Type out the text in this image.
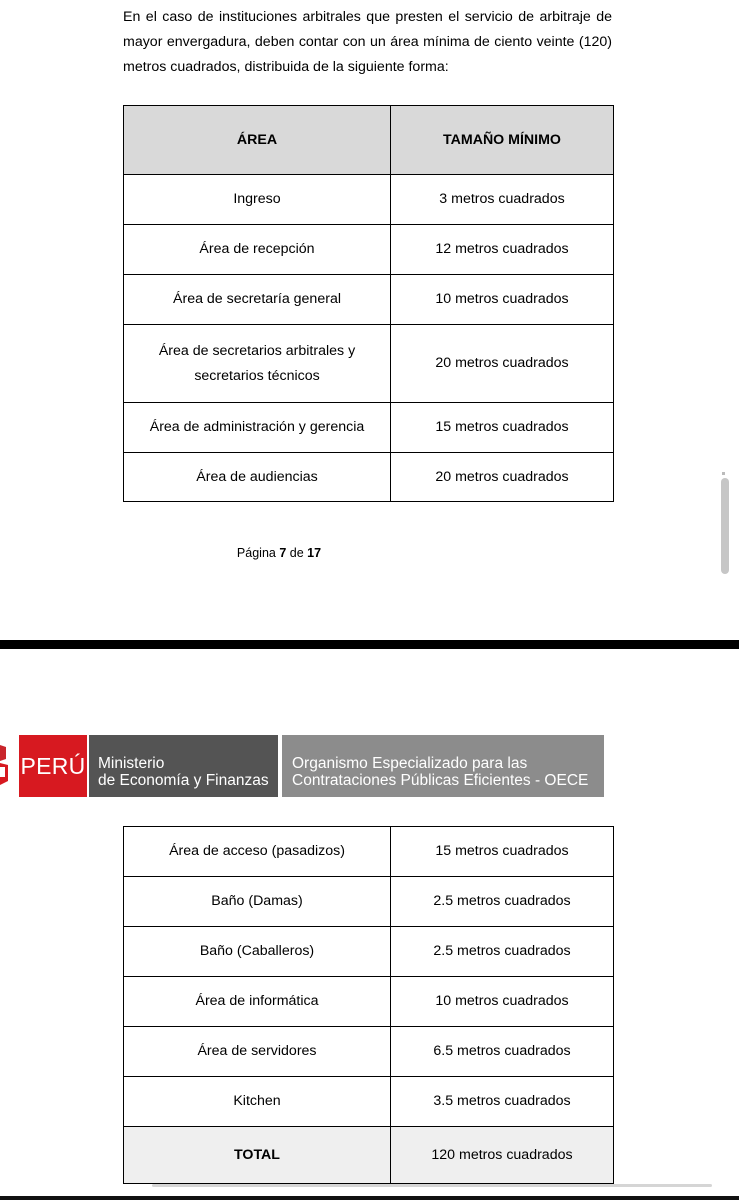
En el caso de instituciones arbitrales que presten el servicio de arbitraje de mayor envergadura, deben contar con un área mínima de ciento veinte (120) metros cuadrados, distribuida de la siguiente forma:
ÁREA	TAMAÑO MÍNIMO
Ingreso	3 metros cuadrados
Área de recepción	12 metros cuadrados
Área de secretaría general	10 metros cuadrados
Área de secretarios arbitrales y secretarios técnicos	20 metros cuadrados
Área de administración y gerencia	15 metros cuadrados
Área de audiencias	20 metros cuadrados
Página 7 de 17
PERÚ Ministerio
de Economía y Finanzas
Organismo Especializado para las
Contrataciones Públicas Eficientes - OECE
Área de acceso (pasadizos)	15 metros cuadrados
Baño (Damas)	2.5 metros cuadrados
Baño (Caballeros)	2.5 metros cuadrados
Área de informática	10 metros cuadrados
Área de servidores	6.5 metros cuadrados
Kitchen	3.5 metros cuadrados
TOTAL	120 metros cuadrados
